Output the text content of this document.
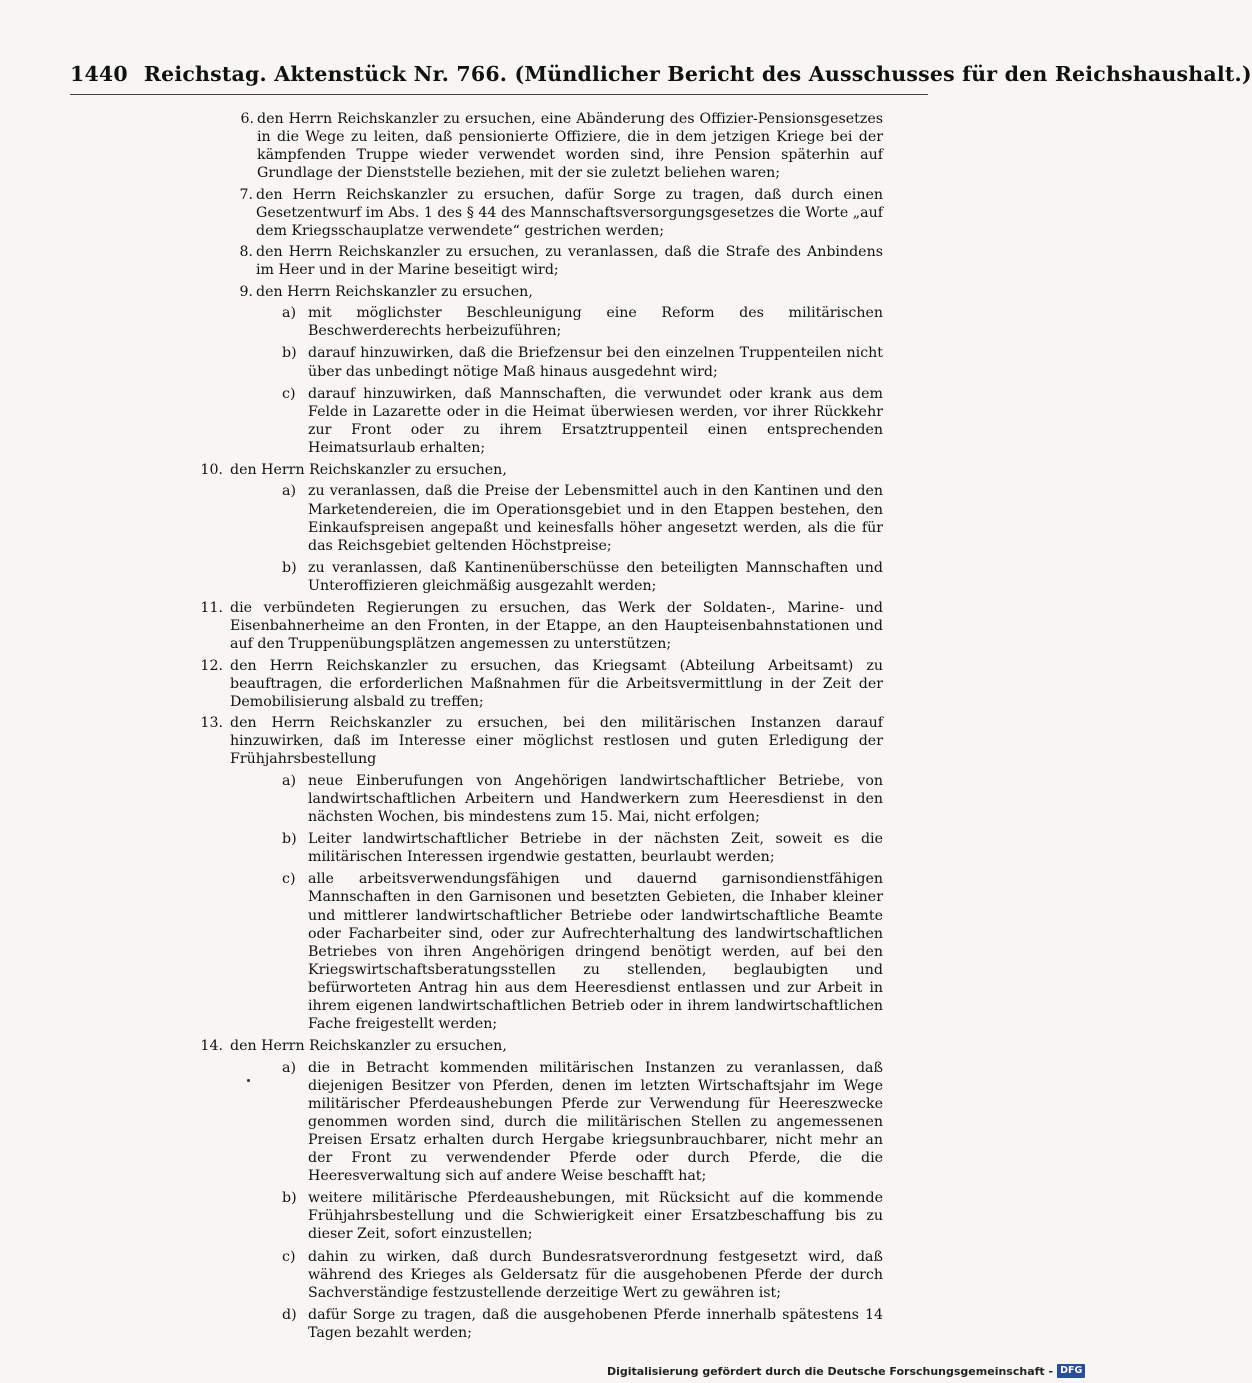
1440 Reichstag. Aktenstück Nr. 766. (Mündlicher Bericht des Ausschusses für den Reichshaushalt.)
6. den Herrn Reichskanzler zu ersuchen, eine Abänderung des Offizier-Pensionsgesetzes in die Wege zu leiten, daß pensionierte Offiziere, die in dem jetzigen Kriege bei der kämpfenden Truppe wieder verwendet worden sind, ihre Pension späterhin auf Grundlage der Dienststelle beziehen, mit der sie zuletzt beliehen waren;

7. den Herrn Reichskanzler zu ersuchen, dafür Sorge zu tragen, daß durch einen Gesetzentwurf im Abs. 1 des § 44 des Mannschaftsversorgungsgesetzes die Worte „auf dem Kriegsschauplatze verwendete“ gestrichen werden;

8. den Herrn Reichskanzler zu ersuchen, zu veranlassen, daß die Strafe des Anbindens im Heer und in der Marine beseitigt wird;

9. den Herrn Reichskanzler zu ersuchen,

a) mit möglichster Beschleunigung eine Reform des militärischen Beschwerderechts herbeizuführen;

b) darauf hinzuwirken, daß die Briefzensur bei den einzelnen Truppenteilen nicht über das unbedingt nötige Maß hinaus ausgedehnt wird;

c) darauf hinzuwirken, daß Mannschaften, die verwundet oder krank aus dem Felde in Lazarette oder in die Heimat überwiesen werden, vor ihrer Rückkehr zur Front oder zu ihrem Ersatztruppenteil einen entsprechenden Heimatsurlaub erhalten;

10. den Herrn Reichskanzler zu ersuchen,

a) zu veranlassen, daß die Preise der Lebensmittel auch in den Kantinen und den Marketendereien, die im Operationsgebiet und in den Etappen bestehen, den Einkaufspreisen angepaßt und keinesfalls höher angesetzt werden, als die für das Reichsgebiet geltenden Höchstpreise;

b) zu veranlassen, daß Kantinenüberschüsse den beteiligten Mannschaften und Unteroffizieren gleichmäßig ausgezahlt werden;

11. die verbündeten Regierungen zu ersuchen, das Werk der Soldaten-, Marine- und Eisenbahnerheime an den Fronten, in der Etappe, an den Haupteisenbahnstationen und auf den Truppenübungsplätzen angemessen zu unterstützen;

12. den Herrn Reichskanzler zu ersuchen, das Kriegsamt (Abteilung Arbeitsamt) zu beauftragen, die erforderlichen Maßnahmen für die Arbeitsvermittlung in der Zeit der Demobilisierung alsbald zu treffen;

13. den Herrn Reichskanzler zu ersuchen, bei den militärischen Instanzen darauf hinzuwirken, daß im Interesse einer möglichst restlosen und guten Erledigung der Frühjahrsbestellung

a) neue Einberufungen von Angehörigen landwirtschaftlicher Betriebe, von landwirtschaftlichen Arbeitern und Handwerkern zum Heeresdienst in den nächsten Wochen, bis mindestens zum 15. Mai, nicht erfolgen;

b) Leiter landwirtschaftlicher Betriebe in der nächsten Zeit, soweit es die militärischen Interessen irgendwie gestatten, beurlaubt werden;

c) alle arbeitsverwendungsfähigen und dauernd garnisondienstfähigen Mannschaften in den Garnisonen und besetzten Gebieten, die Inhaber kleiner und mittlerer landwirtschaftlicher Betriebe oder landwirtschaftliche Beamte oder Facharbeiter sind, oder zur Aufrechterhaltung des landwirtschaftlichen Betriebes von ihren Angehörigen dringend benötigt werden, auf bei den Kriegswirtschaftsberatungsstellen zu stellenden, beglaubigten und befürworteten Antrag hin aus dem Heeresdienst entlassen und zur Arbeit in ihrem eigenen landwirtschaftlichen Betrieb oder in ihrem landwirtschaftlichen Fache freigestellt werden;

14. den Herrn Reichskanzler zu ersuchen,

a) die in Betracht kommenden militärischen Instanzen zu veranlassen, daß diejenigen Besitzer von Pferden, denen im letzten Wirtschaftsjahr im Wege militärischer Pferdeaushebungen Pferde zur Verwendung für Heereszwecke genommen worden sind, durch die militärischen Stellen zu angemessenen Preisen Ersatz erhalten durch Hergabe kriegsunbrauchbarer, nicht mehr an der Front zu verwendender Pferde oder durch Pferde, die die Heeresverwaltung sich auf andere Weise beschafft hat;

b) weitere militärische Pferdeaushebungen, mit Rücksicht auf die kommende Frühjahrsbestellung und die Schwierigkeit einer Ersatzbeschaffung bis zu dieser Zeit, sofort einzustellen;

c) dahin zu wirken, daß durch Bundesratsverordnung festgesetzt wird, daß während des Krieges als Geldersatz für die ausgehobenen Pferde der durch Sachverständige festzustellende derzeitige Wert zu gewähren ist;

d) dafür Sorge zu tragen, daß die ausgehobenen Pferde innerhalb spätestens 14 Tagen bezahlt werden;

Digitalisierung gefördert durch die Deutsche Forschungsgemeinschaft - DFG
